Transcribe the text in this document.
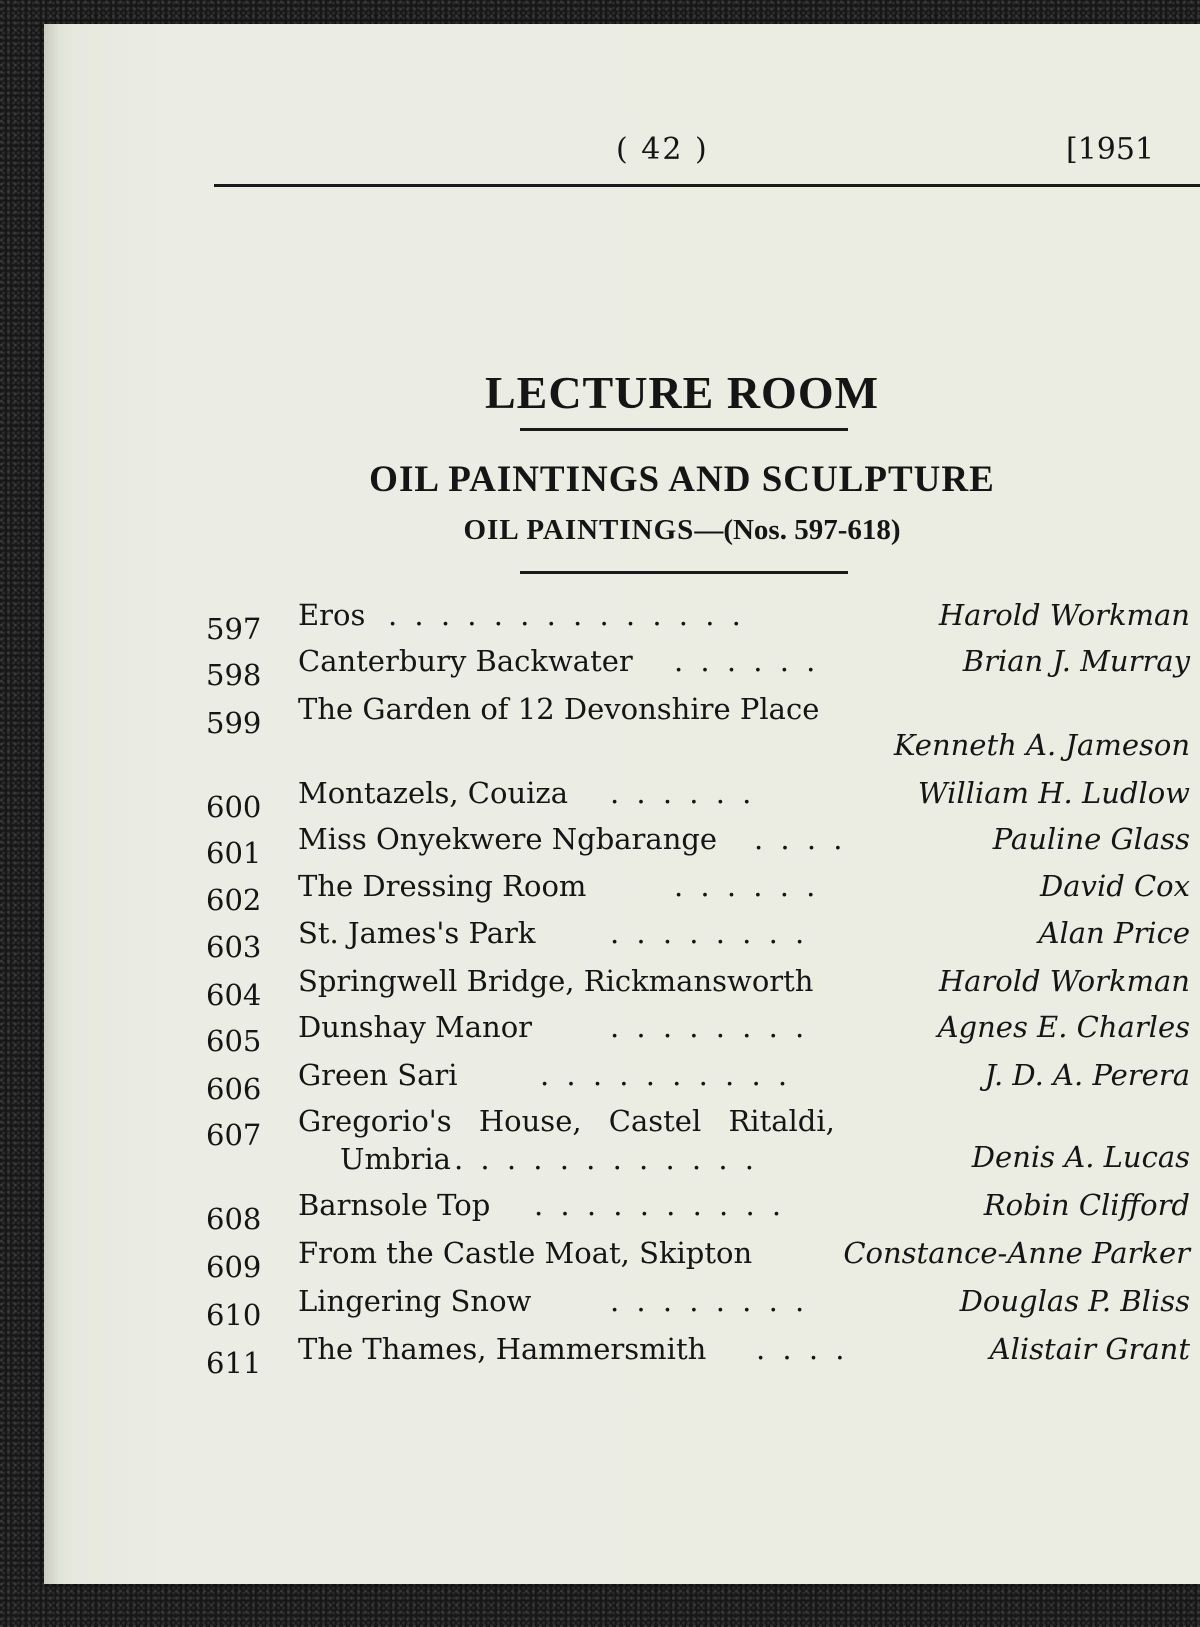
( 42 )	[1951
LECTURE ROOM
OIL PAINTINGS AND SCULPTURE
OIL PAINTINGS—(Nos. 597-618)
597 Eros . . . . . . . . . . . . . .	Harold Workman
598 Canterbury Backwater . . . . . .	Brian J. Murray
599 The Garden of 12 Devonshire Place
Kenneth A. Jameson
600 Montazels, Couiza . . . . . .	William H. Ludlow
601 Miss Onyekwere Ngbarange . . . .	Pauline Glass
602 The Dressing Room	. . . . . .	David Cox
603 St. James's Park	. . . . . . . .	Alan Price
604 Springwell Bridge, Rickmansworth	Harold Workman
605 Dunshay Manor	. . . . . . . .	Agnes E. Charles
606 Green Sari	. . . . . . . . . .	J. D. A. Perera
607 Gregorio's House, Castel Ritaldi,
Umbria . . . . . . . . . . . .	Denis A. Lucas
608 Barnsole Top . . . . . . . . . .	Robin Clifford
609 From the Castle Moat, Skipton	Constance-Anne Parker
610 Lingering Snow	. . . . . . . .	Douglas P. Bliss
611 The Thames, Hammersmith . . . .	Alistair Grant
